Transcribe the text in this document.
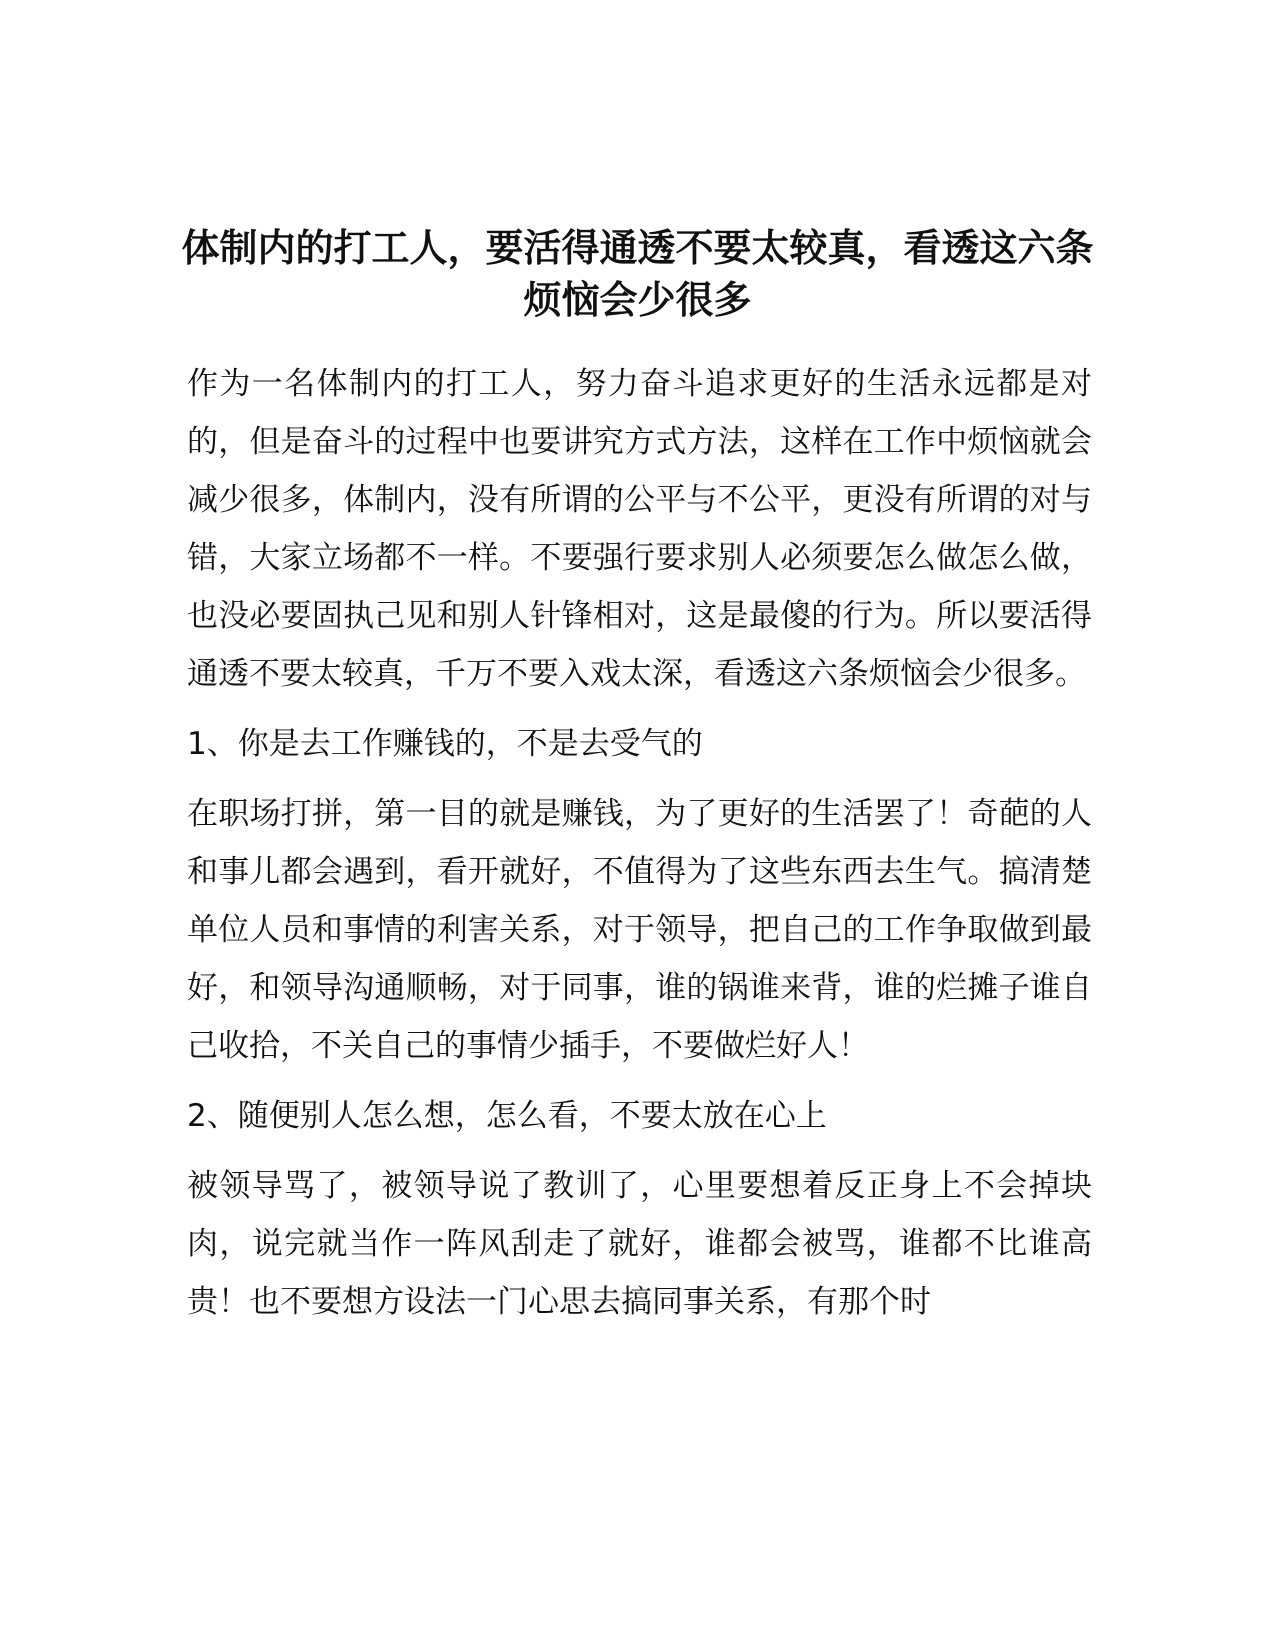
体制内的打工人，要活得通透不要太较真，看透这六条烦恼会少很多

作为一名体制内的打工人，努力奋斗追求更好的生活永远都是对的，但是奋斗的过程中也要讲究方式方法，这样在工作中烦恼就会减少很多，体制内，没有所谓的公平与不公平，更没有所谓的对与错，大家立场都不一样。不要强行要求别人必须要怎么做怎么做，也没必要固执己见和别人针锋相对，这是最傻的行为。所以要活得通透不要太较真，千万不要入戏太深，看透这六条烦恼会少很多。

1、你是去工作赚钱的，不是去受气的

在职场打拼，第一目的就是赚钱，为了更好的生活罢了！奇葩的人和事儿都会遇到，看开就好，不值得为了这些东西去生气。搞清楚单位人员和事情的利害关系，对于领导，把自己的工作争取做到最好，和领导沟通顺畅，对于同事，谁的锅谁来背，谁的烂摊子谁自己收拾，不关自己的事情少插手，不要做烂好人！

2、随便别人怎么想，怎么看，不要太放在心上

被领导骂了，被领导说了教训了，心里要想着反正身上不会掉块肉，说完就当作一阵风刮走了就好，谁都会被骂，谁都不比谁高贵！也不要想方设法一门心思去搞同事关系，有那个时
